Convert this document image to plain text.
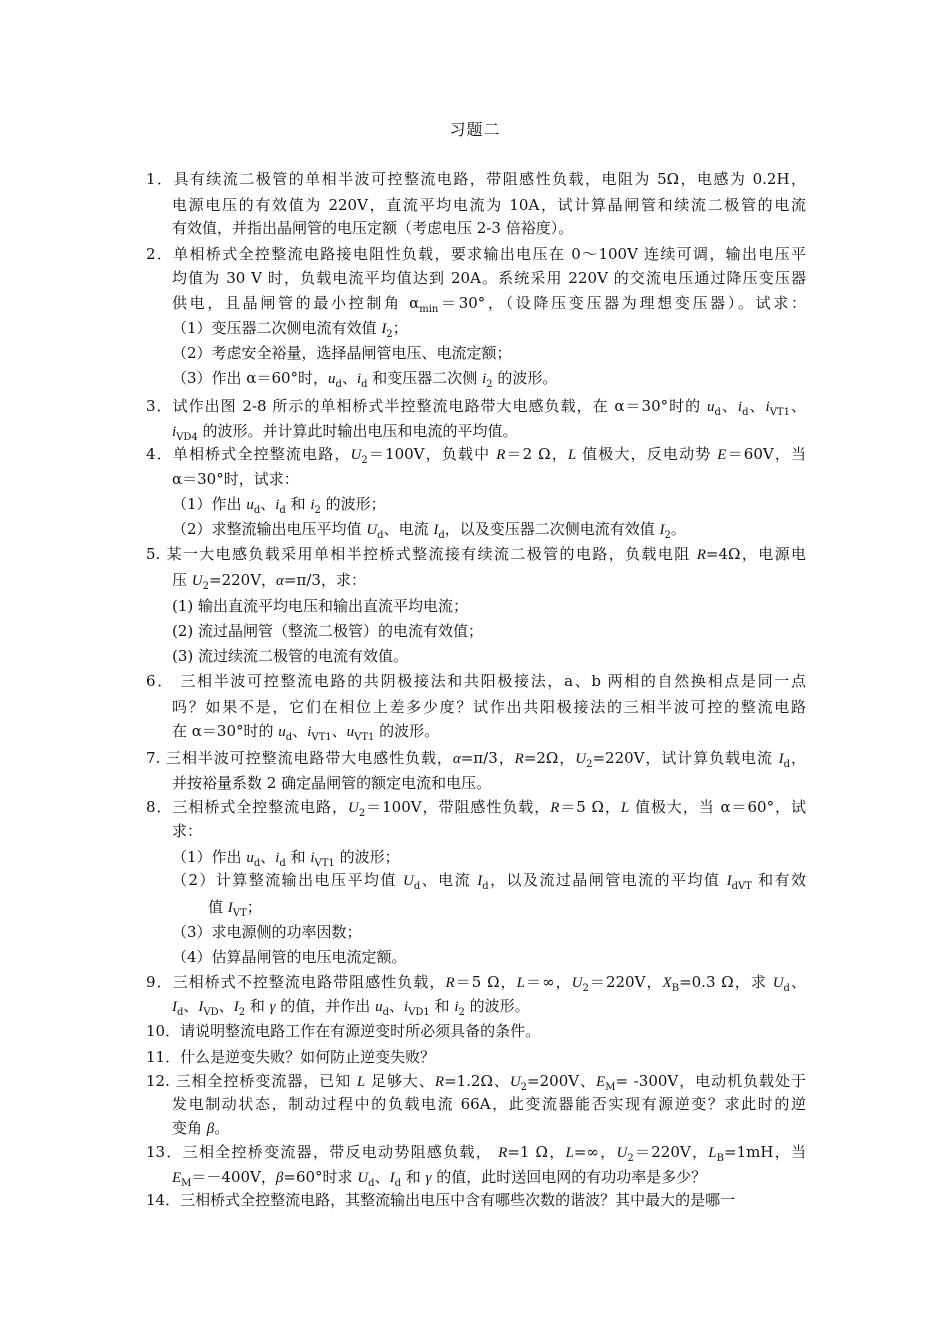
习题二
1．具有续流二极管的单相半波可控整流电路，带阻感性负载，电阻为 5Ω，电感为 0.2H，
电源电压的有效值为 220V，直流平均电流为 10A，试计算晶闸管和续流二极管的电流
有效值，并指出晶闸管的电压定额（考虑电压 2-3 倍裕度）。
2．单相桥式全控整流电路接电阻性负载，要求输出电压在 0～100V 连续可调，输出电压平
均值为 30 V 时，负载电流平均值达到 20A。系统采用 220V 的交流电压通过降压变压器
供电，且晶闸管的最小控制角 $\alpha_{min}=30^\circ$，（设降压变压器为理想变压器）。试求：
（1）变压器二次侧电流有效值 $I_2$；
（2）考虑安全裕量，选择晶闸管电压、电流定额；
（3）作出 α＝60°时，$u_d$、$i_d$ 和变压器二次侧 $i_2$ 的波形。
3．试作出图 2-8 所示的单相桥式半控整流电路带大电感负载，在 α＝30°时的 $u_d$、$i_d$、$i_{VT1}$、
$i_{VD4}$ 的波形。并计算此时输出电压和电流的平均值。
4．单相桥式全控整流电路，$U_2=100V$，负载中 R＝2 Ω，L 值极大，反电动势 E＝60V，当
α＝30°时，试求：
（1）作出 $u_d$、$i_d$ 和 $i_2$ 的波形；
（2）求整流输出电压平均值 $U_d$、电流 $I_d$，以及变压器二次侧电流有效值 $I_2$。
5. 某一大电感负载采用单相半控桥式整流接有续流二极管的电路，负载电阻 R=4Ω，电源电
压 $U_2=220V$，α=π/3，求：
(1) 输出直流平均电压和输出直流平均电流；
(2) 流过晶闸管（整流二极管）的电流有效值；
(3) 流过续流二极管的电流有效值。
6． 三相半波可控整流电路的共阴极接法和共阳极接法，a、b 两相的自然换相点是同一点
吗？如果不是，它们在相位上差多少度？试作出共阳极接法的三相半波可控的整流电路
在 α＝30°时的 $u_d$、$i_{VT1}$、$u_{VT1}$ 的波形。
7. 三相半波可控整流电路带大电感性负载，α=π/3，R=2Ω，$U_2=220V$，试计算负载电流 $I_d$，
并按裕量系数 2 确定晶闸管的额定电流和电压。
8．三相桥式全控整流电路，$U_2=100V$，带阻感性负载，R＝5 Ω，L 值极大，当 α＝60°，试
求：
（1）作出 $u_d$、$i_d$ 和 $i_{VT1}$ 的波形；
（2）计算整流输出电压平均值 $U_d$、电流 $I_d$，以及流过晶闸管电流的平均值 $I_{dVT}$ 和有效
值 $I_{VT}$；
（3）求电源侧的功率因数；
（4）估算晶闸管的电压电流定额。
9．三相桥式不控整流电路带阻感性负载，R＝5 Ω，L＝∞，$U_2=220V$，$X_B=0.3$ Ω，求 $U_d$、
$I_d$、$I_{VD}$、$I_2$ 和 γ 的值，并作出 $u_d$、$i_{VD1}$ 和 $i_2$ 的波形。
10．请说明整流电路工作在有源逆变时所必须具备的条件。
11．什么是逆变失败？如何防止逆变失败？
12. 三相全控桥变流器，已知 L 足够大、R=1.2Ω、$U_2=200V$、$E_M= -300V$，电动机负载处于
发电制动状态，制动过程中的负载电流 66A，此变流器能否实现有源逆变？求此时的逆
变角 β。
13．三相全控桥变流器，带反电动势阻感负载， R=1 Ω，L=∞，$U_2=220V$，$L_B=1mH$，当
$E_M=-400V$，β=60°时求 $U_d$、$I_d$ 和 γ 的值，此时送回电网的有功功率是多少？
14．三相桥式全控整流电路，其整流输出电压中含有哪些次数的谐波？其中最大的是哪一
